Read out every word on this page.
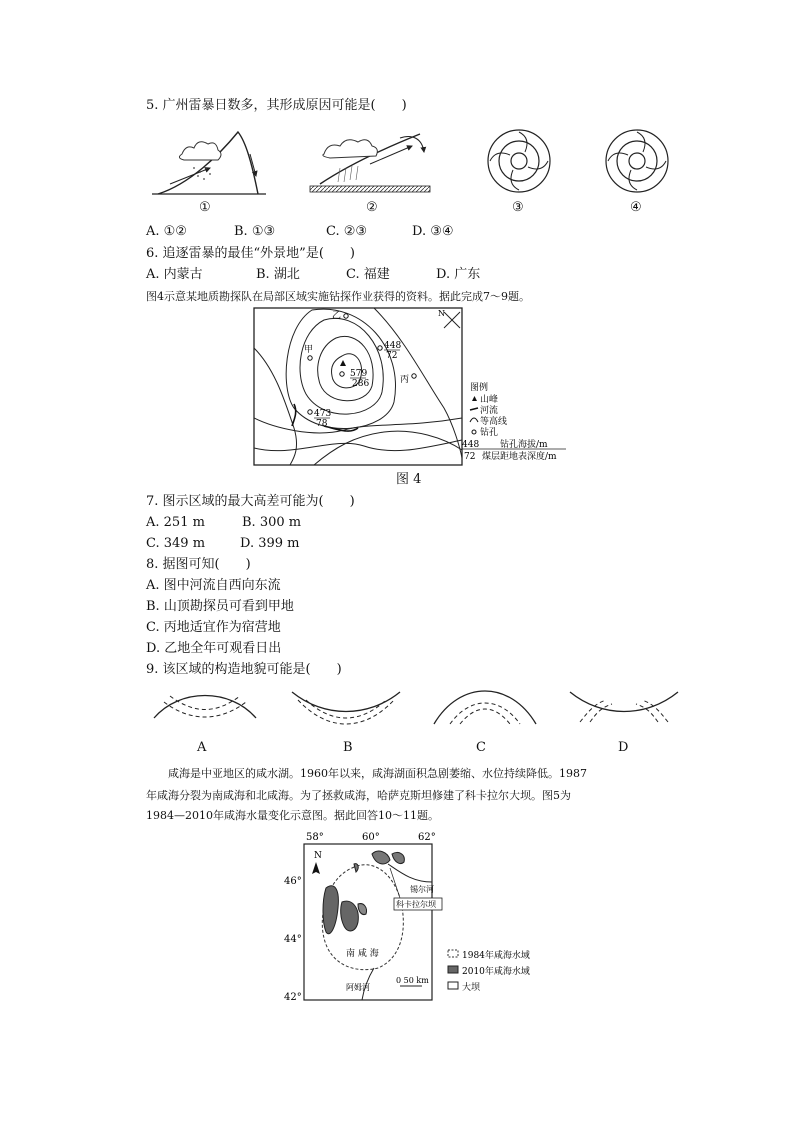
5. 广州雷暴日数多，其形成原因可能是(　　)
①	②	③	④
A. ①②	B. ①③	C. ②③	D. ③④
6. 追逐雷暴的最佳“外景地”是(　　)
A. 内蒙古	B. 湖北	C. 福建	D. 广东
图4示意某地质勘探队在局部区域实施钻探作业获得的资料。据此完成7～9题。
N
甲
乙
丙
448
72
579
286
473
78
图例
山峰
河流
等高线
钻孔
448
72
钻孔海拔/m
煤层距地表深度/m
图 4
7. 图示区域的最大高差可能为(　　)
A. 251 m	B. 300 m
C. 349 m	D. 399 m
8. 据图可知(　　)
A. 图中河流自西向东流
B. 山顶勘探员可看到甲地
C. 丙地适宜作为宿营地
D. 乙地全年可观看日出
9. 该区域的构造地貌可能是(　　)
A	B	C	D
咸海是中亚地区的咸水湖。1960年以来，咸海湖面积急剧萎缩、水位持续降低。1987
年咸海分裂为南咸海和北咸海。为了拯救咸海，哈萨克斯坦修建了科卡拉尔大坝。图5为
1984—2010年咸海水量变化示意图。据此回答10～11题。
58°	60°	62°
46°
44°
42°
N
锡尔河
阿姆河
科卡拉尔坝
南 咸 海
0 50 km
1984年咸海水域
2010年咸海水域
大坝
